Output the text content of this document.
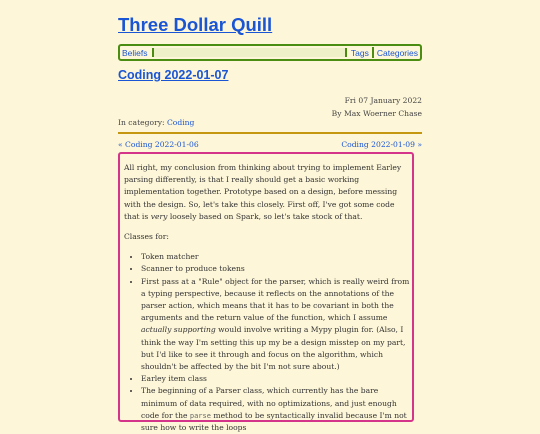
Three Dollar Quill
Beliefs	Tags Categories
Coding 2022-01-07
Fri 07 January 2022
By Max Woerner Chase
In category: Coding
« Coding 2022-01-06	Coding 2022-01-09 »

All right, my conclusion from thinking about trying to implement Earley parsing differently, is that I really should get a basic working implementation together. Prototype based on a design, before messing with the design. So, let's take this closely. First off, I've got some code that is very loosely based on Spark, so let's take stock of that.

Classes for:

• Token matcher
• Scanner to produce tokens
• First pass at a "Rule" object for the parser, which is really weird from a typing perspective, because it reflects on the annotations of the parser action, which means that it has to be covariant in both the arguments and the return value of the function, which I assume actually supporting would involve writing a Mypy plugin for. (Also, I think the way I'm setting this up my be a design misstep on my part, but I'd like to see it through and focus on the algorithm, which shouldn't be affected by the bit I'm not sure about.)
• Earley item class
• The beginning of a Parser class, which currently has the bare minimum of data required, with no optimizations, and just enough code for the parse method to be syntactically invalid because I'm not sure how to write the loops
